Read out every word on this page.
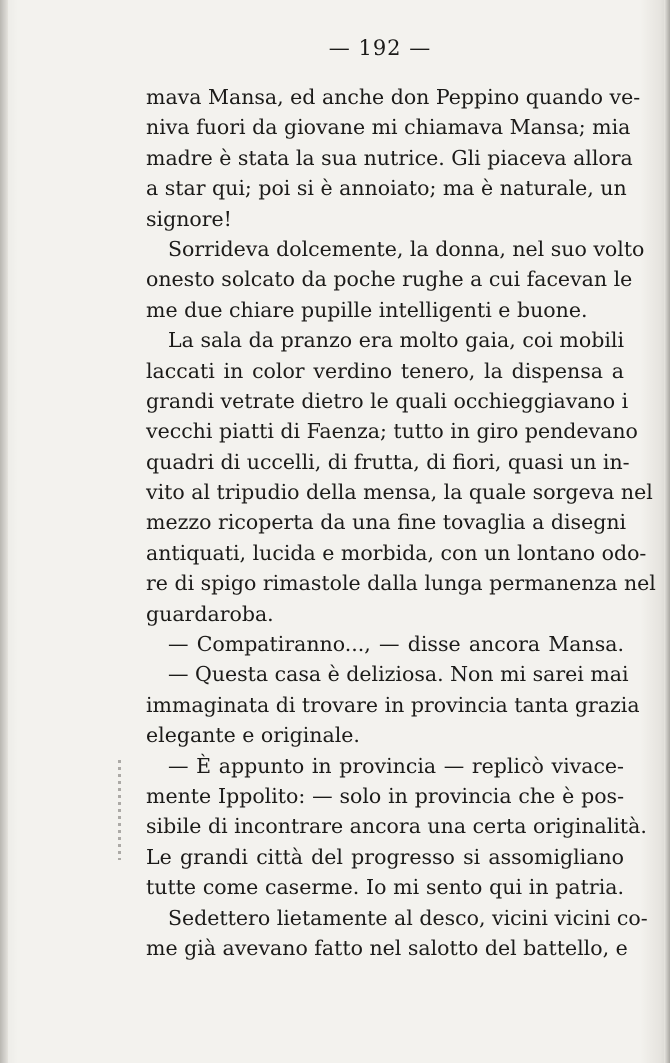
— 192 —
mava Mansa, ed anche don Peppino quando ve-
niva fuori da giovane mi chiamava Mansa; mia
madre è stata la sua nutrice. Gli piaceva allora
a star qui; poi si è annoiato; ma è naturale, un
signore!
Sorrideva dolcemente, la donna, nel suo volto
onesto solcato da poche rughe a cui facevan le
me due chiare pupille intelligenti e buone.
La sala da pranzo era molto gaia, coi mobili
laccati in color verdino tenero, la dispensa a
grandi vetrate dietro le quali occhieggiavano i
vecchi piatti di Faenza; tutto in giro pendevano
quadri di uccelli, di frutta, di fiori, quasi un in-
vito al tripudio della mensa, la quale sorgeva nel
mezzo ricoperta da una fine tovaglia a disegni
antiquati, lucida e morbida, con un lontano odo-
re di spigo rimastole dalla lunga permanenza nel
guardaroba.
— Compatiranno..., — disse ancora Mansa.
— Questa casa è deliziosa. Non mi sarei mai
immaginata di trovare in provincia tanta grazia
elegante e originale.
— È appunto in provincia — replicò vivace-
mente Ippolito: — solo in provincia che è pos-
sibile di incontrare ancora una certa originalità.
Le grandi città del progresso si assomigliano
tutte come caserme. Io mi sento qui in patria.
Sedettero lietamente al desco, vicini vicini co-
me già avevano fatto nel salotto del battello, e
